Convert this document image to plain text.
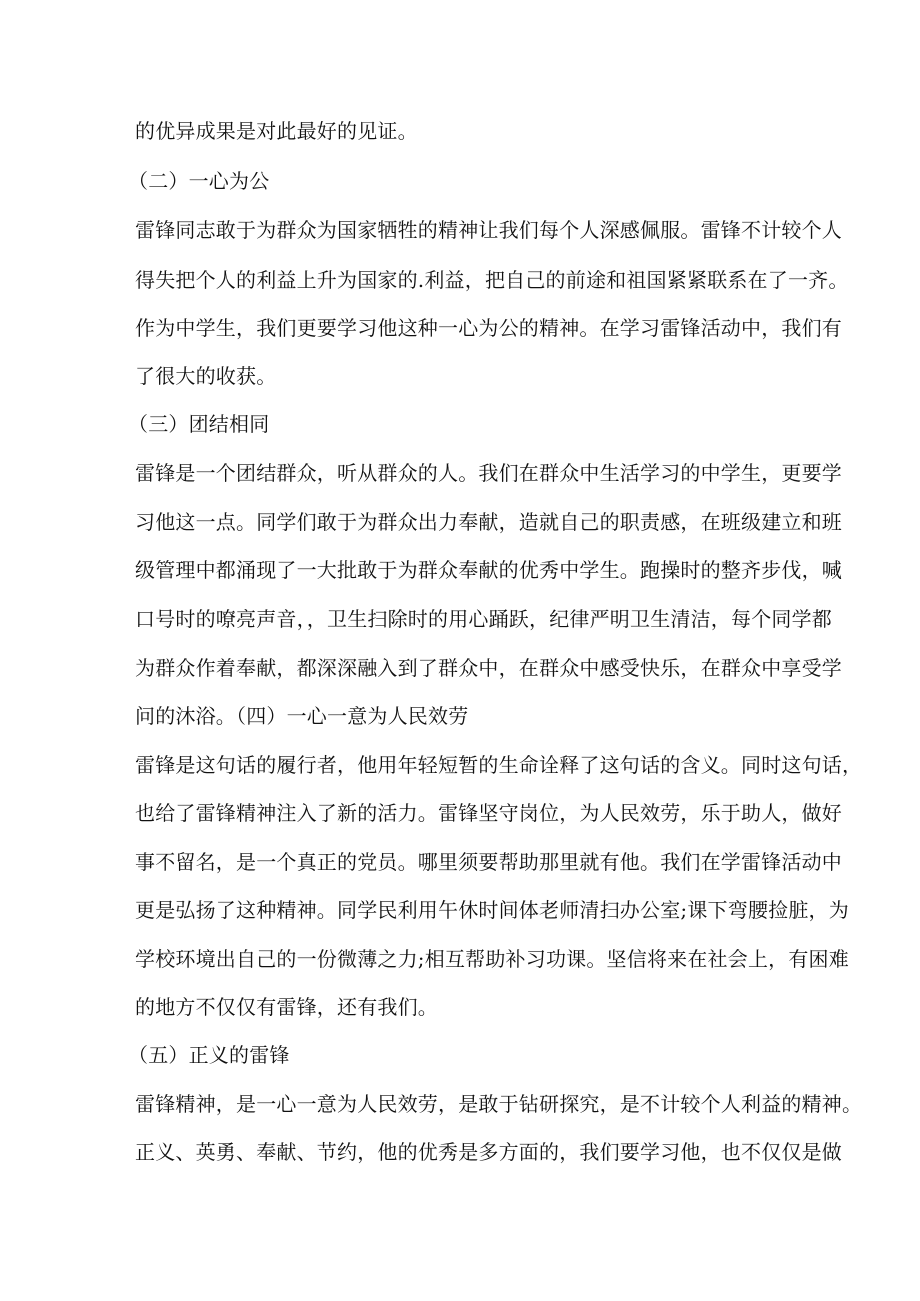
的优异成果是对此最好的见证。
（二）一心为公
雷锋同志敢于为群众为国家牺牲的精神让我们每个人深感佩服。雷锋不计较个人
得失把个人的利益上升为国家的.利益，把自己的前途和祖国紧紧联系在了一齐。
作为中学生，我们更要学习他这种一心为公的精神。在学习雷锋活动中，我们有
了很大的收获。
（三）团结相同
雷锋是一个团结群众，听从群众的人。我们在群众中生活学习的中学生，更要学
习他这一点。同学们敢于为群众出力奉献，造就自己的职责感，在班级建立和班
级管理中都涌现了一大批敢于为群众奉献的优秀中学生。跑操时的整齐步伐，喊
口号时的嘹亮声音，，卫生扫除时的用心踊跃，纪律严明卫生清洁，每个同学都
为群众作着奉献，都深深融入到了群众中，在群众中感受快乐，在群众中享受学
问的沐浴。（四）一心一意为人民效劳
雷锋是这句话的履行者，他用年轻短暂的生命诠释了这句话的含义。同时这句话，
也给了雷锋精神注入了新的活力。雷锋坚守岗位，为人民效劳，乐于助人，做好
事不留名，是一个真正的党员。哪里须要帮助那里就有他。我们在学雷锋活动中
更是弘扬了这种精神。同学民利用午休时间体老师清扫办公室;课下弯腰捡脏，为
学校环境出自己的一份微薄之力;相互帮助补习功课。坚信将来在社会上，有困难
的地方不仅仅有雷锋，还有我们。
（五）正义的雷锋
雷锋精神，是一心一意为人民效劳，是敢于钻研探究，是不计较个人利益的精神。
正义、英勇、奉献、节约，他的优秀是多方面的，我们要学习他，也不仅仅是做
